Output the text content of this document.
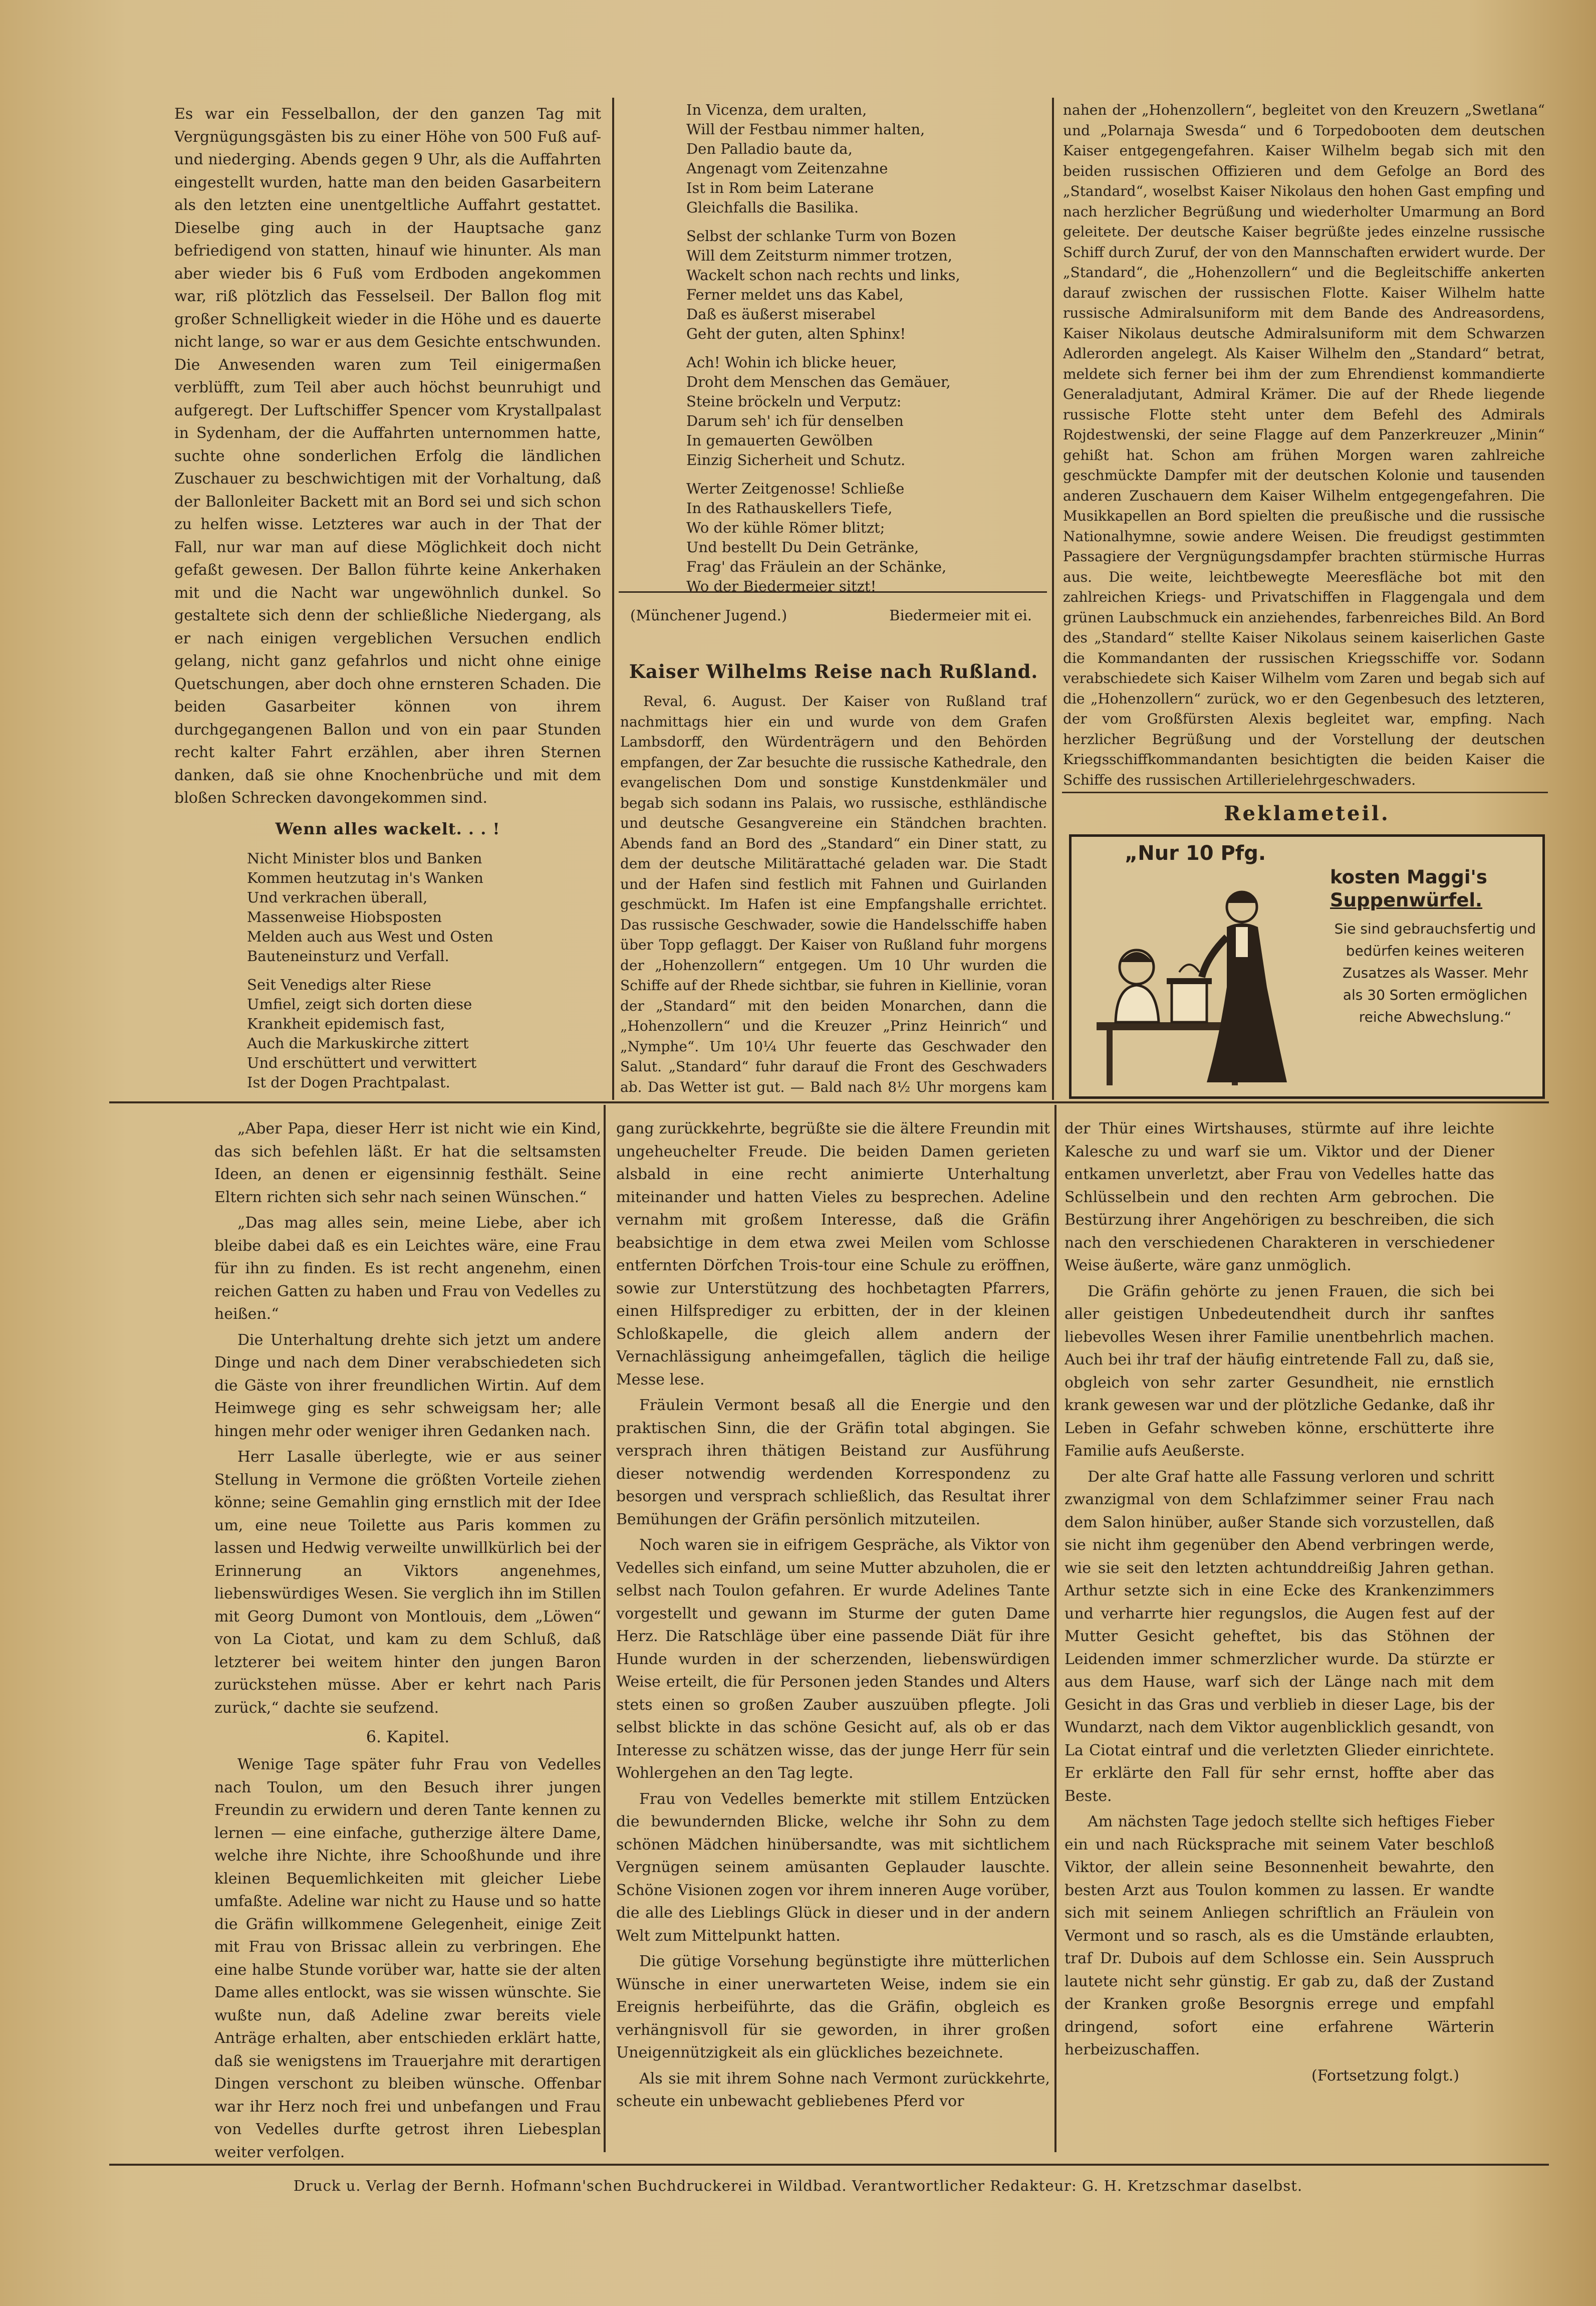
Es war ein Fesselballon, der den ganzen Tag mit Vergnügungsgästen bis zu einer Höhe von 500 Fuß auf- und niederging. Abends gegen 9 Uhr, als die Auffahrten eingestellt wurden, hatte man den beiden Gasarbeitern als den letzten eine unentgeltliche Auffahrt gestattet. Dieselbe ging auch in der Hauptsache ganz befriedigend von statten, hinauf wie hinunter. Als man aber wieder bis 6 Fuß vom Erdboden angekommen war, riß plötzlich das Fesselseil. Der Ballon flog mit großer Schnelligkeit wieder in die Höhe und es dauerte nicht lange, so war er aus dem Gesichte entschwunden. Die Anwesenden waren zum Teil einigermaßen verblüfft, zum Teil aber auch höchst beunruhigt und aufgeregt. Der Luftschiffer Spencer vom Krystallpalast in Sydenham, der die Auffahrten unternommen hatte, suchte ohne sonderlichen Erfolg die ländlichen Zuschauer zu beschwichtigen mit der Vorhaltung, daß der Ballonleiter Backett mit an Bord sei und sich schon zu helfen wisse. Letzteres war auch in der That der Fall, nur war man auf diese Möglichkeit doch nicht gefaßt gewesen. Der Ballon führte keine Ankerhaken mit und die Nacht war ungewöhnlich dunkel. So gestaltete sich denn der schließliche Niedergang, als er nach einigen vergeblichen Versuchen endlich gelang, nicht ganz gefahrlos und nicht ohne einige Quetschungen, aber doch ohne ernsteren Schaden. Die beiden Gasarbeiter können von ihrem durchgegangenen Ballon und von ein paar Stunden recht kalter Fahrt erzählen, aber ihren Sternen danken, daß sie ohne Knochenbrüche und mit dem bloßen Schrecken davongekommen sind.

Wenn alles wackelt. . . !
Nicht Minister blos und Banken
Kommen heutzutag in's Wanken
Und verkrachen überall,
Massenweise Hiobsposten
Melden auch aus West und Osten
Bauteneinsturz und Verfall.
Seit Venedigs alter Riese
Umfiel, zeigt sich dorten diese
Krankheit epidemisch fast,
Auch die Markuskirche zittert
Und erschüttert und verwittert
Ist der Dogen Prachtpalast.
In Vicenza, dem uralten,
Will der Festbau nimmer halten,
Den Palladio baute da,
Angenagt vom Zeitenzahne
Ist in Rom beim Laterane
Gleichfalls die Basilika.
Selbst der schlanke Turm von Bozen
Will dem Zeitsturm nimmer trotzen,
Wackelt schon nach rechts und links,
Ferner meldet uns das Kabel,
Daß es äußerst miserabel
Geht der guten, alten Sphinx!
Ach! Wohin ich blicke heuer,
Droht dem Menschen das Gemäuer,
Steine bröckeln und Verputz:
Darum seh' ich für denselben
In gemauerten Gewölben
Einzig Sicherheit und Schutz.
Werter Zeitgenosse! Schließe
In des Rathauskellers Tiefe,
Wo der kühle Römer blitzt;
Und bestellt Du Dein Getränke,
Frag' das Fräulein an der Schänke,
Wo der Biedermeier sitzt!
(Münchener Jugend.)	Biedermeier mit ei.
Kaiser Wilhelms Reise nach Rußland.
Reval, 6. August. Der Kaiser von Rußland traf nachmittags hier ein und wurde von dem Grafen Lambsdorff, den Würdenträgern und den Behörden empfangen, der Zar besuchte die russische Kathedrale, den evangelischen Dom und sonstige Kunstdenkmäler und begab sich sodann ins Palais, wo russische, esthländische und deutsche Gesangvereine ein Ständchen brachten. Abends fand an Bord des „Standard“ ein Diner statt, zu dem der deutsche Militärattaché geladen war. Die Stadt und der Hafen sind festlich mit Fahnen und Guirlanden geschmückt. Im Hafen ist eine Empfangshalle errichtet. Das russische Geschwader, sowie die Handelsschiffe haben über Topp geflaggt. Der Kaiser von Rußland fuhr morgens der „Hohenzollern“ entgegen. Um 10 Uhr wurden die Schiffe auf der Rhede sichtbar, sie fuhren in Kiellinie, voran der „Standard“ mit den beiden Monarchen, dann die „Hohenzollern“ und die Kreuzer „Prinz Heinrich“ und „Nymphe“. Um 10¼ Uhr feuerte das Geschwader den Salut. „Standard“ fuhr darauf die Front des Geschwaders ab. Das Wetter ist gut. — Bald nach 8½ Uhr morgens kam
nahen der „Hohenzollern“, begleitet von den Kreuzern „Swetlana“ und „Polarnaja Swesda“ und 6 Torpedobooten dem deutschen Kaiser entgegengefahren. Kaiser Wilhelm begab sich mit den beiden russischen Offizieren und dem Gefolge an Bord des „Standard“, woselbst Kaiser Nikolaus den hohen Gast empfing und nach herzlicher Begrüßung und wiederholter Umarmung an Bord geleitete. Der deutsche Kaiser begrüßte jedes einzelne russische Schiff durch Zuruf, der von den Mannschaften erwidert wurde. Der „Standard“, die „Hohenzollern“ und die Begleitschiffe ankerten darauf zwischen der russischen Flotte. Kaiser Wilhelm hatte russische Admiralsuniform mit dem Bande des Andreasordens, Kaiser Nikolaus deutsche Admiralsuniform mit dem Schwarzen Adlerorden angelegt. Als Kaiser Wilhelm den „Standard“ betrat, meldete sich ferner bei ihm der zum Ehrendienst kommandierte Generaladjutant, Admiral Krämer. Die auf der Rhede liegende russische Flotte steht unter dem Befehl des Admirals Rojdestwenski, der seine Flagge auf dem Panzerkreuzer „Minin“ gehißt hat. Schon am frühen Morgen waren zahlreiche geschmückte Dampfer mit der deutschen Kolonie und tausenden anderen Zuschauern dem Kaiser Wilhelm entgegengefahren. Die Musikkapellen an Bord spielten die preußische und die russische Nationalhymne, sowie andere Weisen. Die freudigst gestimmten Passagiere der Vergnügungsdampfer brachten stürmische Hurras aus. Die weite, leichtbewegte Meeresfläche bot mit den zahlreichen Kriegs- und Privatschiffen in Flaggengala und dem grünen Laubschmuck ein anziehendes, farbenreiches Bild. An Bord des „Standard“ stellte Kaiser Nikolaus seinem kaiserlichen Gaste die Kommandanten der russischen Kriegsschiffe vor. Sodann verabschiedete sich Kaiser Wilhelm vom Zaren und begab sich auf die „Hohenzollern“ zurück, wo er den Gegenbesuch des letzteren, der vom Großfürsten Alexis begleitet war, empfing. Nach herzlicher Begrüßung und der Vorstellung der deutschen Kriegsschiffkommandanten besichtigten die beiden Kaiser die Schiffe des russischen Artillerielehrgeschwaders.
Reklameteil.
„Nur 10 Pfg.
kosten Maggi's
Suppenwürfel.
Sie sind gebrauchsfertig und bedürfen keines weiteren Zusatzes als Wasser. Mehr als 30 Sorten ermöglichen reiche Abwechslung.“

„Aber Papa, dieser Herr ist nicht wie ein Kind, das sich befehlen läßt. Er hat die seltsamsten Ideen, an denen er eigensinnig festhält. Seine Eltern richten sich sehr nach seinen Wünschen.“

„Das mag alles sein, meine Liebe, aber ich bleibe dabei daß es ein Leichtes wäre, eine Frau für ihn zu finden. Es ist recht angenehm, einen reichen Gatten zu haben und Frau von Vedelles zu heißen.“

Die Unterhaltung drehte sich jetzt um andere Dinge und nach dem Diner verabschiedeten sich die Gäste von ihrer freundlichen Wirtin. Auf dem Heimwege ging es sehr schweigsam her; alle hingen mehr oder weniger ihren Gedanken nach.

Herr Lasalle überlegte, wie er aus seiner Stellung in Vermone die größten Vorteile ziehen könne; seine Gemahlin ging ernstlich mit der Idee um, eine neue Toilette aus Paris kommen zu lassen und Hedwig verweilte unwillkürlich bei der Erinnerung an Viktors angenehmes, liebenswürdiges Wesen. Sie verglich ihn im Stillen mit Georg Dumont von Montlouis, dem „Löwen“ von La Ciotat, und kam zu dem Schluß, daß letzterer bei weitem hinter den jungen Baron zurückstehen müsse. Aber er kehrt nach Paris zurück,“ dachte sie seufzend.

6. Kapitel.

Wenige Tage später fuhr Frau von Vedelles nach Toulon, um den Besuch ihrer jungen Freundin zu erwidern und deren Tante kennen zu lernen — eine einfache, gutherzige ältere Dame, welche ihre Nichte, ihre Schooßhunde und ihre kleinen Bequemlichkeiten mit gleicher Liebe umfaßte. Adeline war nicht zu Hause und so hatte die Gräfin willkommene Gelegenheit, einige Zeit mit Frau von Brissac allein zu verbringen. Ehe eine halbe Stunde vorüber war, hatte sie der alten Dame alles entlockt, was sie wissen wünschte. Sie wußte nun, daß Adeline zwar bereits viele Anträge erhalten, aber entschieden erklärt hatte, daß sie wenigstens im Trauerjahre mit derartigen Dingen verschont zu bleiben wünsche. Offenbar war ihr Herz noch frei und unbefangen und Frau von Vedelles durfte getrost ihren Liebesplan weiter verfolgen.

gang zurückkehrte, begrüßte sie die ältere Freundin mit ungeheuchelter Freude. Die beiden Damen gerieten alsbald in eine recht animierte Unterhaltung miteinander und hatten Vieles zu besprechen. Adeline vernahm mit großem Interesse, daß die Gräfin beabsichtige in dem etwa zwei Meilen vom Schlosse entfernten Dörfchen Trois-tour eine Schule zu eröffnen, sowie zur Unterstützung des hochbetagten Pfarrers, einen Hilfsprediger zu erbitten, der in der kleinen Schloßkapelle, die gleich allem andern der Vernachlässigung anheimgefallen, täglich die heilige Messe lese.

Fräulein Vermont besaß all die Energie und den praktischen Sinn, die der Gräfin total abgingen. Sie versprach ihren thätigen Beistand zur Ausführung dieser notwendig werdenden Korrespondenz zu besorgen und versprach schließlich, das Resultat ihrer Bemühungen der Gräfin persönlich mitzuteilen.

Noch waren sie in eifrigem Gespräche, als Viktor von Vedelles sich einfand, um seine Mutter abzuholen, die er selbst nach Toulon gefahren. Er wurde Adelines Tante vorgestellt und gewann im Sturme der guten Dame Herz. Die Ratschläge über eine passende Diät für ihre Hunde wurden in der scherzenden, liebenswürdigen Weise erteilt, die für Personen jeden Standes und Alters stets einen so großen Zauber auszuüben pflegte. Joli selbst blickte in das schöne Gesicht auf, als ob er das Interesse zu schätzen wisse, das der junge Herr für sein Wohlergehen an den Tag legte.

Frau von Vedelles bemerkte mit stillem Entzücken die bewundernden Blicke, welche ihr Sohn zu dem schönen Mädchen hinübersandte, was mit sichtlichem Vergnügen seinem amüsanten Geplauder lauschte. Schöne Visionen zogen vor ihrem inneren Auge vorüber, die alle des Lieblings Glück in dieser und in der andern Welt zum Mittelpunkt hatten.

Die gütige Vorsehung begünstigte ihre mütterlichen Wünsche in einer unerwarteten Weise, indem sie ein Ereignis herbeiführte, das die Gräfin, obgleich es verhängnisvoll für sie geworden, in ihrer großen Uneigennützigkeit als ein glückliches bezeichnete.

Als sie mit ihrem Sohne nach Vermont zurückkehrte, scheute ein unbewacht gebliebenes Pferd vor

der Thür eines Wirtshauses, stürmte auf ihre leichte Kalesche zu und warf sie um. Viktor und der Diener entkamen unverletzt, aber Frau von Vedelles hatte das Schlüsselbein und den rechten Arm gebrochen. Die Bestürzung ihrer Angehörigen zu beschreiben, die sich nach den verschiedenen Charakteren in verschiedener Weise äußerte, wäre ganz unmöglich.

Die Gräfin gehörte zu jenen Frauen, die sich bei aller geistigen Unbedeutendheit durch ihr sanftes liebevolles Wesen ihrer Familie unentbehrlich machen. Auch bei ihr traf der häufig eintretende Fall zu, daß sie, obgleich von sehr zarter Gesundheit, nie ernstlich krank gewesen war und der plötzliche Gedanke, daß ihr Leben in Gefahr schweben könne, erschütterte ihre Familie aufs Aeußerste.

Der alte Graf hatte alle Fassung verloren und schritt zwanzigmal von dem Schlafzimmer seiner Frau nach dem Salon hinüber, außer Stande sich vorzustellen, daß sie nicht ihm gegenüber den Abend verbringen werde, wie sie seit den letzten achtunddreißig Jahren gethan. Arthur setzte sich in eine Ecke des Krankenzimmers und verharrte hier regungslos, die Augen fest auf der Mutter Gesicht geheftet, bis das Stöhnen der Leidenden immer schmerzlicher wurde. Da stürzte er aus dem Hause, warf sich der Länge nach mit dem Gesicht in das Gras und verblieb in dieser Lage, bis der Wundarzt, nach dem Viktor augenblicklich gesandt, von La Ciotat eintraf und die verletzten Glieder einrichtete. Er erklärte den Fall für sehr ernst, hoffte aber das Beste.

Am nächsten Tage jedoch stellte sich heftiges Fieber ein und nach Rücksprache mit seinem Vater beschloß Viktor, der allein seine Besonnenheit bewahrte, den besten Arzt aus Toulon kommen zu lassen. Er wandte sich mit seinem Anliegen schriftlich an Fräulein von Vermont und so rasch, als es die Umstände erlaubten, traf Dr. Dubois auf dem Schlosse ein. Sein Ausspruch lautete nicht sehr günstig. Er gab zu, daß der Zustand der Kranken große Besorgnis errege und empfahl dringend, sofort eine erfahrene Wärterin herbeizuschaffen.

(Fortsetzung folgt.)

Druck u. Verlag der Bernh. Hofmann'schen Buchdruckerei in Wildbad. Verantwortlicher Redakteur: G. H. Kretzschmar daselbst.
